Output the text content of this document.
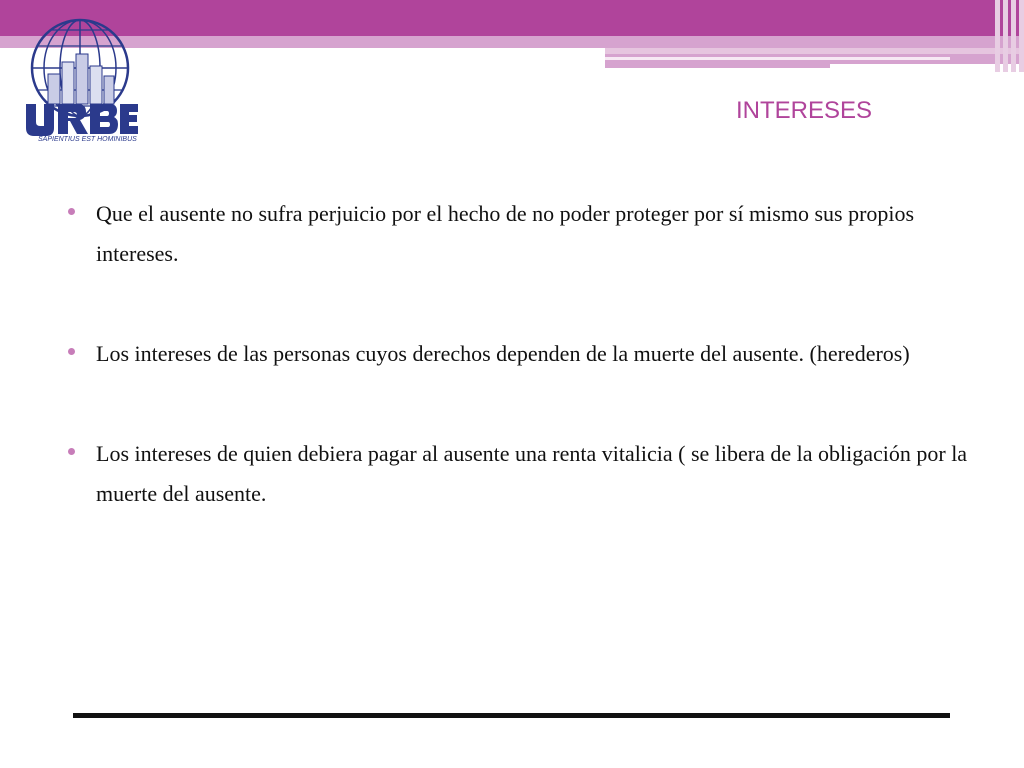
SAPIENTIUS EST HOMINIBUS
INTERESES
Que el ausente no sufra perjuicio por el hecho de no poder proteger por sí mismo sus propios intereses.
Los intereses de las personas cuyos derechos dependen de la muerte del ausente. (herederos)
Los intereses de quien debiera pagar al ausente una renta vitalicia ( se libera de la obligación por la muerte del ausente.
